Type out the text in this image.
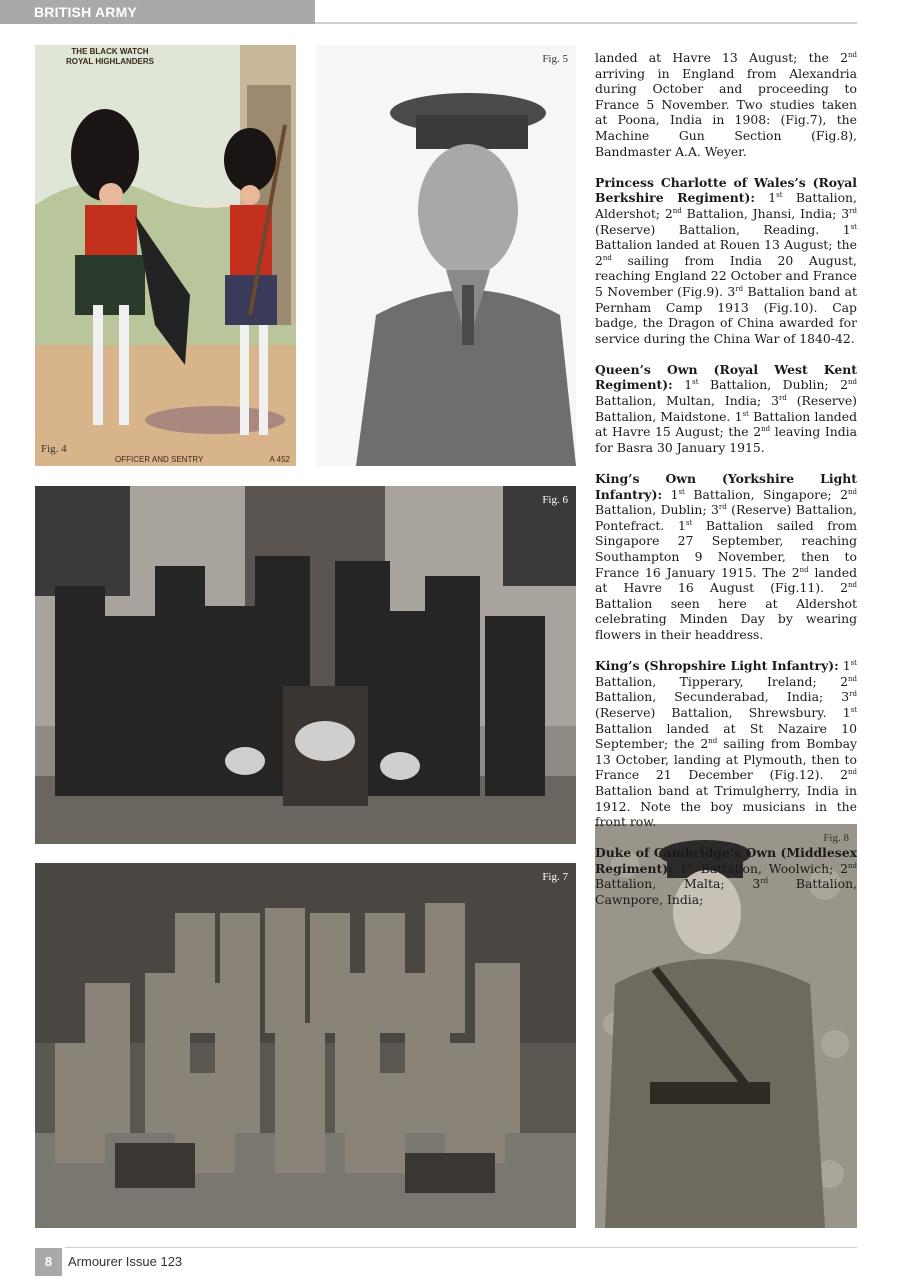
BRITISH ARMY
THE BLACK WATCH
ROYAL HIGHLANDERS
OFFICER AND SENTRY	A 452
Fig. 4
Fig. 5
Fig. 6
Fig. 7
Fig. 8

landed at Havre 13 August; the 2nd arriving in England from Alexandria during October and proceeding to France 5 November. Two studies taken at Poona, India in 1908: (Fig.7), the Machine Gun Section (Fig.8), Bandmaster A.A. Weyer.

Princess Charlotte of Wales’s (Royal Berkshire Regiment): 1st Battalion, Aldershot; 2nd Battalion, Jhansi, India; 3rd (Reserve) Battalion, Reading. 1st Battalion landed at Rouen 13 August; the 2nd sailing from India 20 August, reaching England 22 October and France 5 November (Fig.9). 3rd Battalion band at Pernham Camp 1913 (Fig.10). Cap badge, the Dragon of China awarded for service during the China War of 1840-42.

Queen’s Own (Royal West Kent Regiment): 1st Battalion, Dublin; 2nd Battalion, Multan, India; 3rd (Reserve) Battalion, Maidstone. 1st Battalion landed at Havre 15 August; the 2nd leaving India for Basra 30 January 1915.

King’s Own (Yorkshire Light Infantry): 1st Battalion, Singapore; 2nd Battalion, Dublin; 3rd (Reserve) Battalion, Pontefract. 1st Battalion sailed from Singapore 27 September, reaching Southampton 9 November, then to France 16 January 1915. The 2nd landed at Havre 16 August (Fig.11). 2nd Battalion seen here at Aldershot celebrating Minden Day by wearing flowers in their headdress.

King’s (Shropshire Light Infantry): 1st Battalion, Tipperary, Ireland; 2nd Battalion, Secunderabad, India; 3rd (Reserve) Battalion, Shrewsbury. 1st Battalion landed at St Nazaire 10 September; the 2nd sailing from Bombay 13 October, landing at Plymouth, then to France 21 December (Fig.12). 2nd Battalion band at Trimulgherry, India in 1912. Note the boy musicians in the front row.

Duke of Cambridge’s Own (Middlesex Regiment): 1st Battalion, Woolwich; 2nd Battalion, Malta; 3rd Battalion, Cawnpore, India;

8	Armourer Issue 123
